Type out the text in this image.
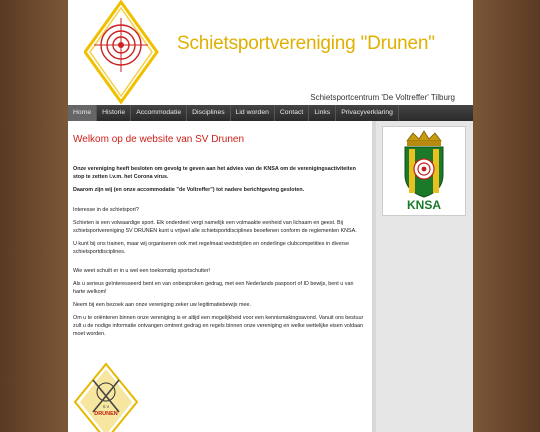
Schietsportvereniging "Drunen"
Schietsportcentrum 'De Voltreffer' Tilburg
Home	Historie	Accommodatie	Disciplines	Lid worden	Contact	Links	Privacyverklaring
Welkom op de website van SV Drunen

Onze vereniging heeft besloten om gevolg te geven aan het advies van de KNSA om de verenigingsactiviteiten stop te zetten i.v.m. het Corona virus.

Daarom zijn wij (en onze accommodatie "de Voltreffer") tot nadere berichtgeving gesloten.

Interesse in de schietsport?

Schieten is een volwaardige sport. Elk onderdeel vergt namelijk een volmaakte eenheid van lichaam en geest. Bij schietsportvereniging SV DRUNEN kunt u vrijwel alle schietsportdisciplines beoefenen conform de reglementen KNSA.

U kunt bij ons trainen, maar wij organiseren ook met regelmaat wedstrijden en onderlinge clubcompetities in diverse schietsportdisciplines.

Wie weet schuilt er in u wel een toekomstig sportschutter!

Als u serieus geïnteresseerd bent en van onbesproken gedrag, met een Nederlands paspoort of ID bewijs, bent u van harte welkom!

Neem bij een bezoek aan onze vereniging zeker uw legitimatiebewijs mee.

Om u te oriënteren binnen onze vereniging is er altijd een mogelijkheid voor een kennismakingsavond. Vanuit ons bestuur zult u de nodige informatie ontvangen omtrent gedrag en regels binnen onze vereniging en welke wettelijke eisen voldaan moet worden.

S V
DRUNEN
KNSA
